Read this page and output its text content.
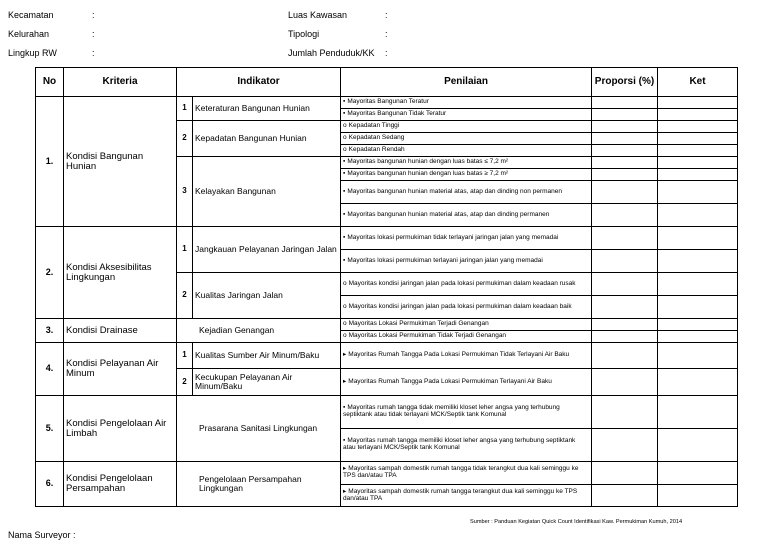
Kecamatan	:
Kelurahan	:
Lingkup RW	:
Luas Kawasan	:
Tipologi	:
Jumlah Penduduk/KK :
No	Kriteria	Indikator		Penilaian	Proporsi (%)	Ket
1.	Kondisi Bangunan Hunian	1	Keteraturan Bangunan Hunian	▪ Mayoritas Bangunan Teratur		
				▪ Mayoritas Bangunan Tidak Teratur		
		2	Kepadatan Bangunan Hunian	o Kepadatan Tinggi		
				o Kepadatan Sedang		
				o Kepadatan Rendah		
		3	Kelayakan Bangunan	▪ Mayoritas bangunan hunian dengan luas batas ≤ 7,2 m²		
				▪ Mayoritas bangunan hunian dengan luas batas ≥ 7,2 m²		
				▪ Mayoritas bangunan hunian material atas, atap dan dinding non permanen		
				▪ Mayoritas bangunan hunian material atas, atap dan dinding permanen		
2.	Kondisi Aksesibilitas Lingkungan	1	Jangkauan Pelayanan Jaringan Jalan	▪ Mayoritas lokasi permukiman tidak terlayani jaringan jalan yang memadai		
				▪ Mayoritas lokasi permukiman terlayani jaringan jalan yang memadai		
		2	Kualitas Jaringan Jalan	o Mayoritas kondisi jaringan jalan pada lokasi permukiman dalam keadaan rusak		
				o Mayoritas kondisi jaringan jalan pada lokasi permukiman dalam keadaan baik		
3.	Kondisi Drainase	Kejadian Genangan		o Mayoritas Lokasi Permukiman Terjadi Genangan		
				o Mayoritas Lokasi Permukiman Tidak Terjadi Genangan		
4.	Kondisi Pelayanan Air Minum	1	Kualitas Sumber Air Minum/Baku	▸ Mayoritas Rumah Tangga Pada Lokasi Permukiman Tidak Terlayani Air Baku		
		2	Kecukupan Pelayanan Air Minum/Baku	▸ Mayoritas Rumah Tangga Pada Lokasi Permukiman Terlayani Air Baku		
5.	Kondisi Pengelolaan Air Limbah	Prasarana Sanitasi Lingkungan		▪ Mayoritas rumah tangga tidak memiliki kloset leher angsa yang terhubung septiktank atau tidak terlayani MCK/Septik tank Komunal		
				▪ Mayoritas rumah tangga memiliki kloset leher angsa yang terhubung septiktank atau terlayani MCK/Septik tank Komunal		
6.	Kondisi Pengelolaan Persampahan	Pengelolaan Persampahan Lingkungan		▸ Mayoritas sampah domestik rumah tangga tidak terangkut dua kali seminggu ke TPS dan/atau TPA		
				▸ Mayoritas sampah domestik rumah tangga terangkut dua kali seminggu ke TPS dan/atau TPA		
Sumber : Panduan Kegiatan Quick Count Identifikasi Kaw. Permukiman Kumuh, 2014
Nama Surveyor :
